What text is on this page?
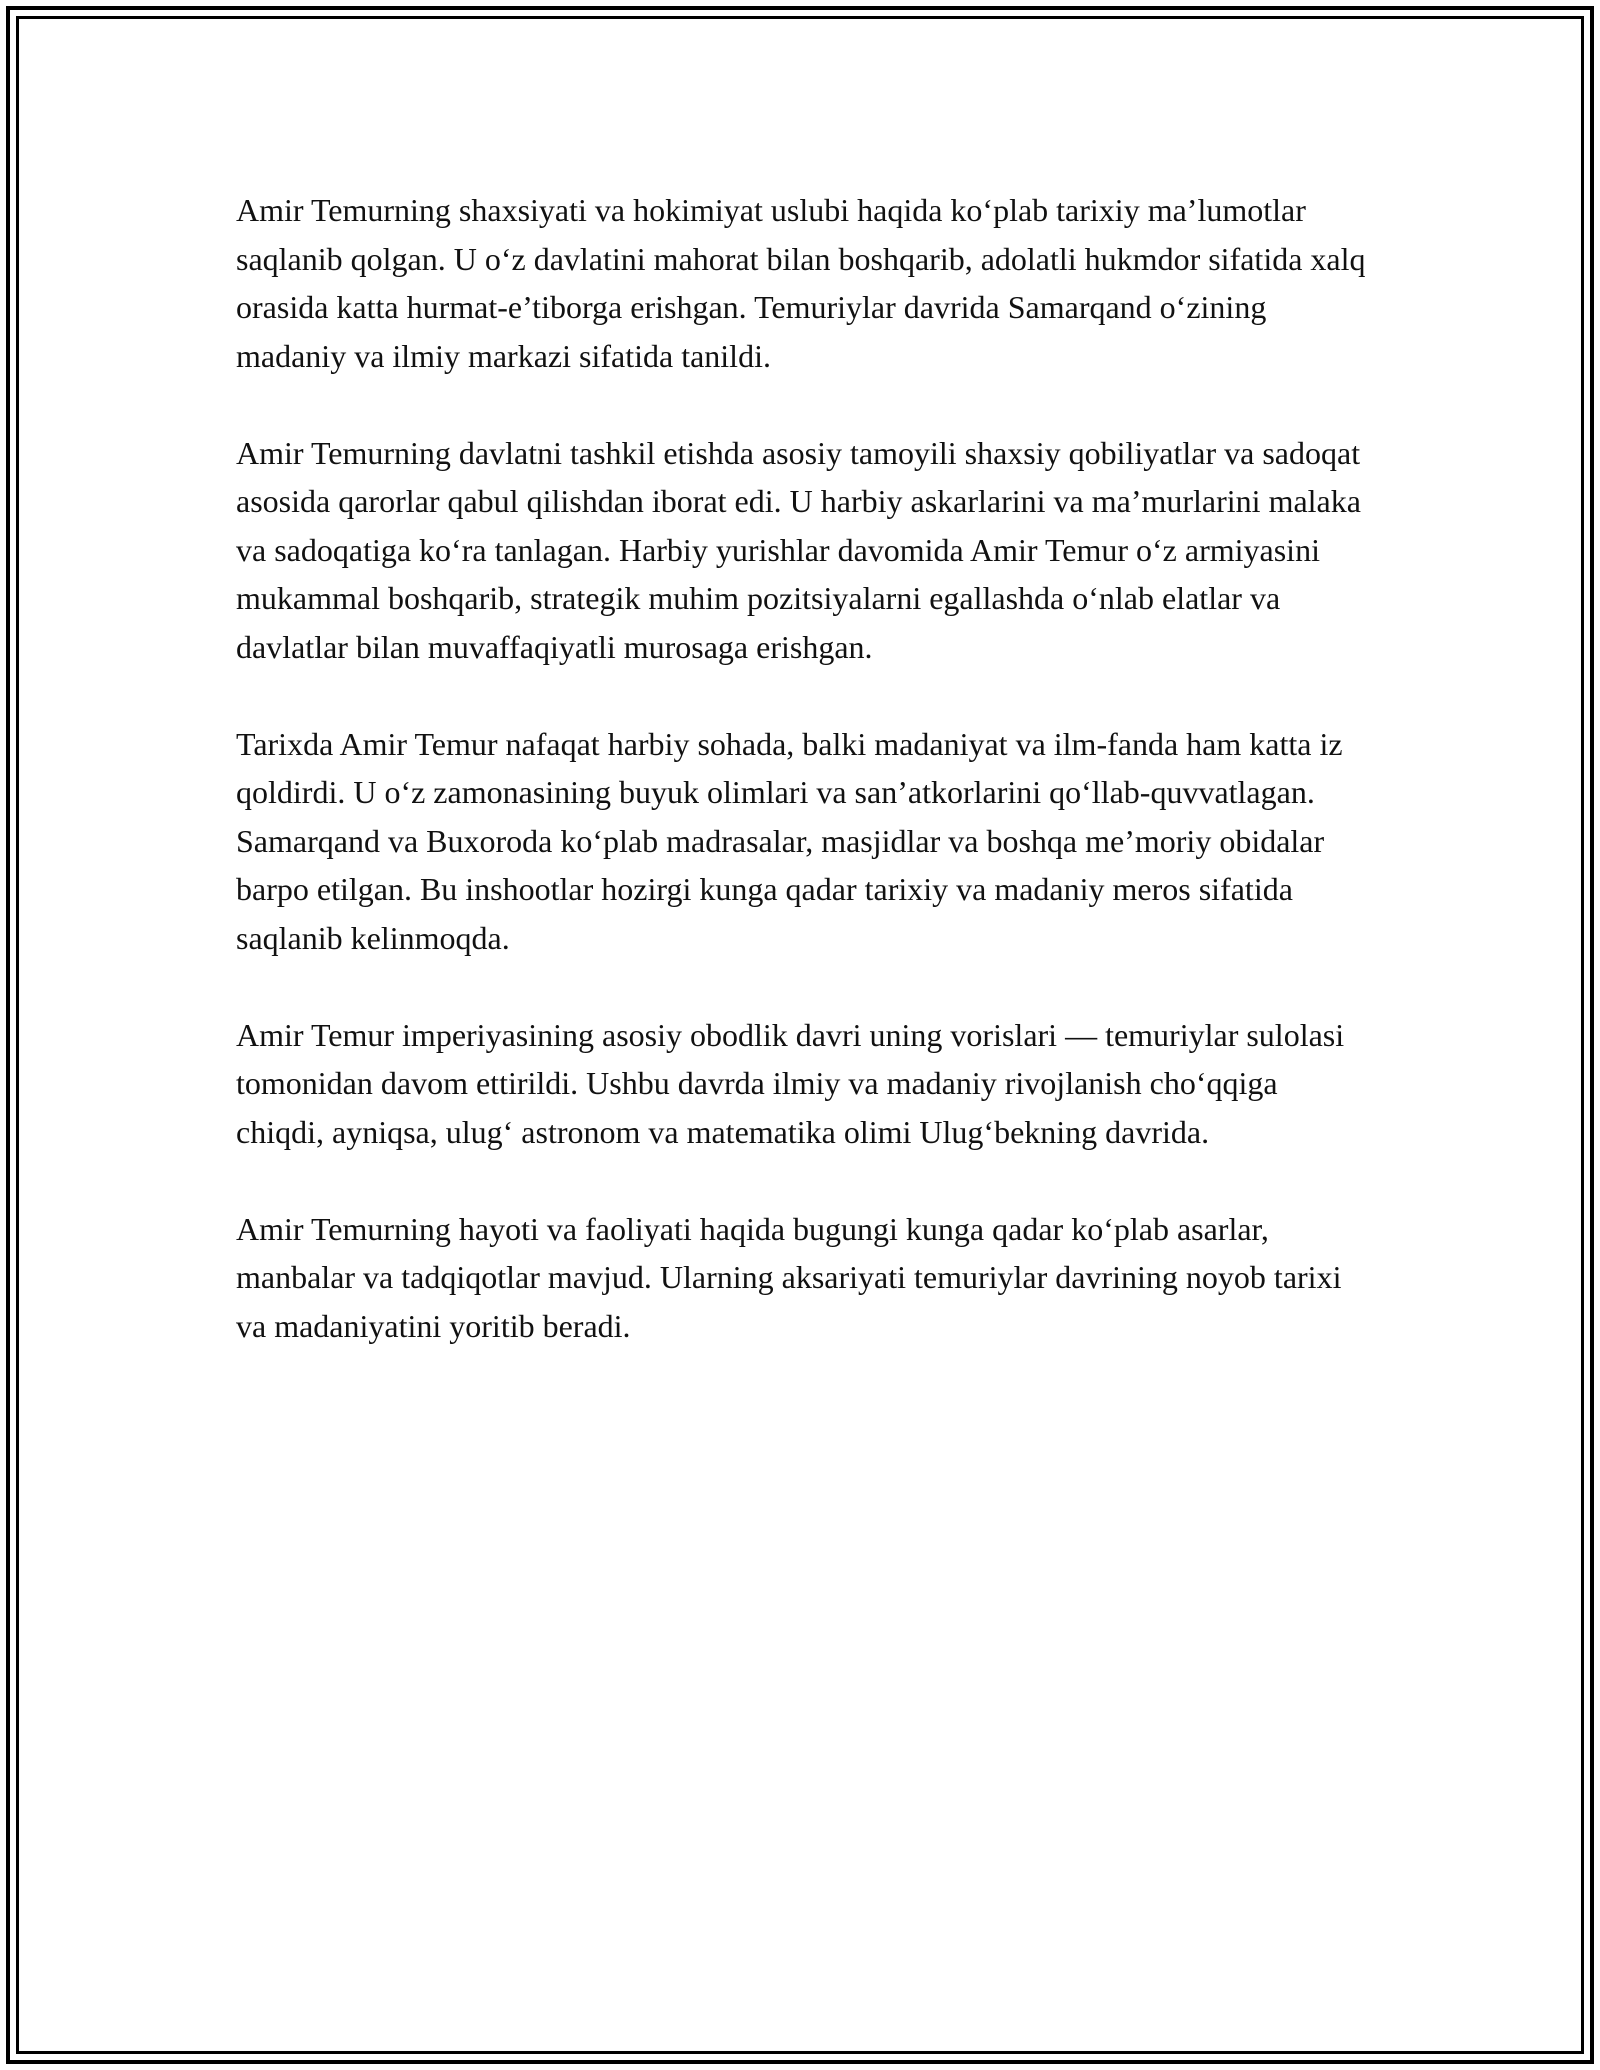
Amir Temurning shaxsiyati va hokimiyat uslubi haqida ko‘plab tarixiy ma’lumotlar saqlanib qolgan. U o‘z davlatini mahorat bilan boshqarib, adolatli hukmdor sifatida xalq orasida katta hurmat-e’tiborga erishgan. Temuriylar davrida Samarqand o‘zining madaniy va ilmiy markazi sifatida tanildi.

Amir Temurning davlatni tashkil etishda asosiy tamoyili shaxsiy qobiliyatlar va sadoqat asosida qarorlar qabul qilishdan iborat edi. U harbiy askarlarini va ma’murlarini malaka va sadoqatiga ko‘ra tanlagan. Harbiy yurishlar davomida Amir Temur o‘z armiyasini mukammal boshqarib, strategik muhim pozitsiyalarni egallashda o‘nlab elatlar va davlatlar bilan muvaffaqiyatli murosaga erishgan.

Tarixda Amir Temur nafaqat harbiy sohada, balki madaniyat va ilm-fanda ham katta iz qoldirdi. U o‘z zamonasining buyuk olimlari va san’atkorlarini qo‘llab-quvvatlagan. Samarqand va Buxoroda ko‘plab madrasalar, masjidlar va boshqa me’moriy obidalar barpo etilgan. Bu inshootlar hozirgi kunga qadar tarixiy va madaniy meros sifatida saqlanib kelinmoqda.

Amir Temur imperiyasining asosiy obodlik davri uning vorislari — temuriylar sulolasi tomonidan davom ettirildi. Ushbu davrda ilmiy va madaniy rivojlanish cho‘qqiga chiqdi, ayniqsa, ulug‘ astronom va matematika olimi Ulug‘bekning davrida.

Amir Temurning hayoti va faoliyati haqida bugungi kunga qadar ko‘plab asarlar, manbalar va tadqiqotlar mavjud. Ularning aksariyati temuriylar davrining noyob tarixi va madaniyatini yoritib beradi.
